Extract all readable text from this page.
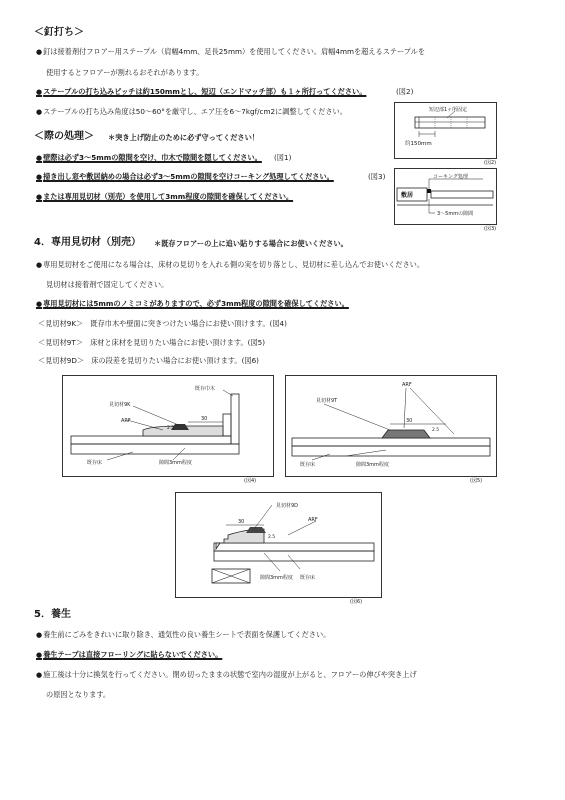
＜釘打ち＞
● 釘は接着剤付フロアー用ステープル（肩幅4mm、足長25mm）を使用してください。肩幅4mmを超えるステープルを
使用するとフロアーが割れるおそれがあります。
● ステープルの打ち込みピッチは約150mmとし、短辺（エンドマッチ部）も１ヶ所打ってください。	(図2)
● ステープルの打ち込み角度は50～60°を厳守し、エア圧を6～7kgf/cm2に調整してください。	短辺部1ヶ所固定
約150mm
(図2)
＜際の処理＞ ＊突き上げ防止のために必ず守ってください！
● 壁際は必ず3～5mmの隙間を空け、巾木で隙間を隠してください。 (図1)
● 掃き出し窓や敷居納めの場合は必ず3～5mmの隙間を空けコーキング処理してください。	(図3)
● または専用見切材（別売）を使用して3mm程度の隙間を確保してください。
コーキング処理
敷居
3～5mmの隙間
(図3)
4．専用見切材（別売） ＊既存フロアーの上に追い貼りする場合にお使いください。
● 専用見切材をご使用になる場合は、床材の見切りを入れる側の実を切り落とし、見切材に差し込んでお使いください。
見切材は接着剤で固定してください。
● 専用見切材には5mmのノミコミがありますので、必ず3mm程度の隙間を確保してください。
＜見切材9K＞　既存巾木や壁面に突きつけたい場合にお使い頂けます。(図4)
＜見切材9T＞　床材と床材を見切りたい場合にお使い頂けます。(図5)
＜見切材9D＞　床の段差を見切りたい場合にお使い頂けます。(図6)
既存巾木
見切材9K
ARF	30
2.5
既存床	隙間3mm程度
(図4)
ARF
見切材9T
30
2.5
既存床	隙間3mm程度
(図5)
見切材9D
ARF
30
2.5
隙間3mm程度 既存床
(図6)
5．養生
● 養生前にごみをきれいに取り除き、通気性の良い養生シートで表面を保護してください。
● 養生テープは直接フローリングに貼らないでください。
● 施工後は十分に換気を行ってください。閉め切ったままの状態で室内の湿度が上がると、フロアーの伸びや突き上げ
の原因となります。
